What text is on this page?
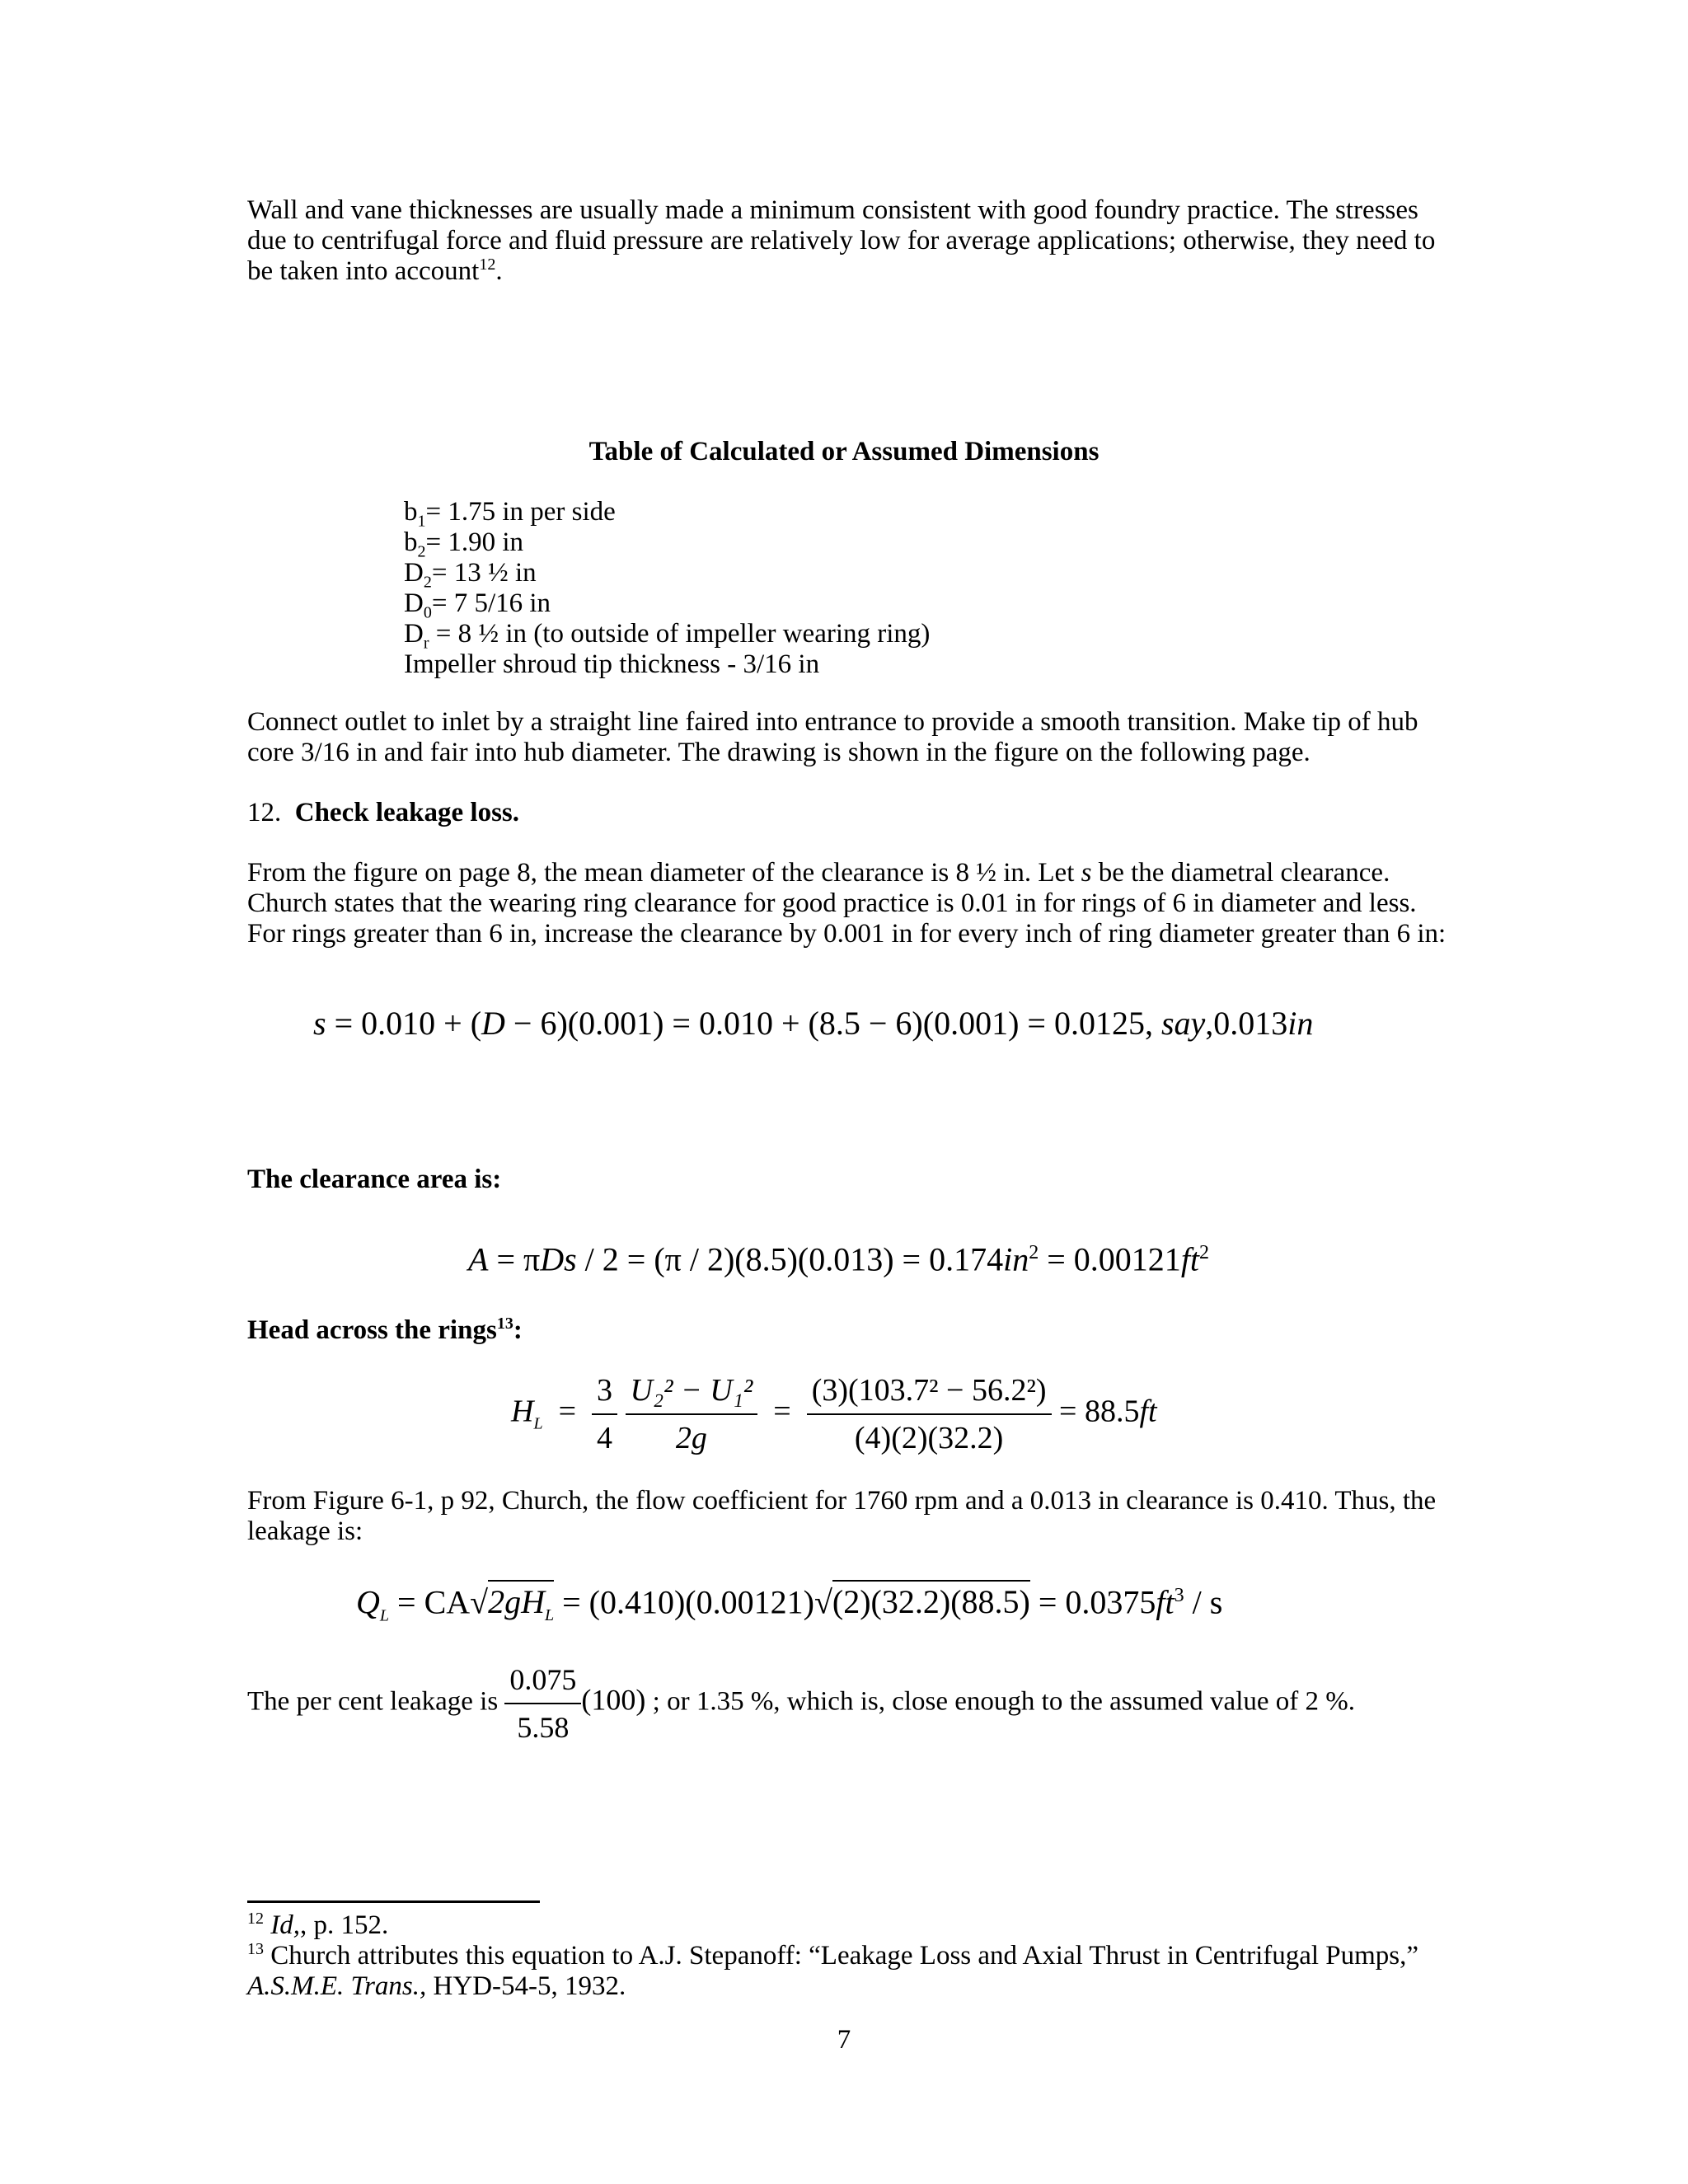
Wall and vane thicknesses are usually made a minimum consistent with good foundry practice. The stresses due to centrifugal force and fluid pressure are relatively low for average applications; otherwise, they need to be taken into account$^{12}$.
Table of Calculated or Assumed Dimensions
$b_1= 1.75$ in per side
$b_2= 1.90$ in
$D_2= 13$ ½ in
$D_0= 7$ 5/16 in
$D_r = 8$ ½ in (to outside of impeller wearing ring)
Impeller shroud tip thickness - 3/16 in
Connect outlet to inlet by a straight line faired into entrance to provide a smooth transition. Make tip of hub core 3/16 in and fair into hub diameter. The drawing is shown in the figure on the following page.
12. Check leakage loss.
From the figure on page 8, the mean diameter of the clearance is 8 ½ in. Let s be the diametral clearance. Church states that the wearing ring clearance for good practice is 0.01 in for rings of 6 in diameter and less. For rings greater than 6 in, increase the clearance by 0.001 in for every inch of ring diameter greater than 6 in:
s = 0.010 + (D − 6)(0.001) = 0.010 + (8.5 − 6)(0.001) = 0.0125, say,0.013in
The clearance area is:
$A = \pi Ds / 2 = (\pi / 2)(8.5)(0.013) = 0.174in^2 = 0.00121ft^2$
Head across the rings$^{13}$:
$H_L = \frac{3}{4}$
$\frac{\text{U₂² − U₁²}}{2g} = \frac{\text{(3)(103.7² − 56.2²)}}{(4)(2)(32.2)} = 88.5ft$
From Figure 6-1, p 92, Church, the flow coefficient for 1760 rpm and a 0.013 in clearance is 0.410. Thus, the leakage is:
$Q_L = CA√2gH_L = (0.410)(0.00121)√(2)(32.2)(88.5) = 0.0375ft^3 / s$
The per cent leakage is $\frac{0.075}{5.58} (100)$ ; or 1.35 %, which is, close enough to the assumed value of 2 %.
$^{12}$ Id,, p. 152.
$^{13}$ Church attributes this equation to A.J. Stepanoff: “Leakage Loss and Axial Thrust in Centrifugal Pumps,” A.S.M.E. Trans., HYD-54-5, 1932.
7
